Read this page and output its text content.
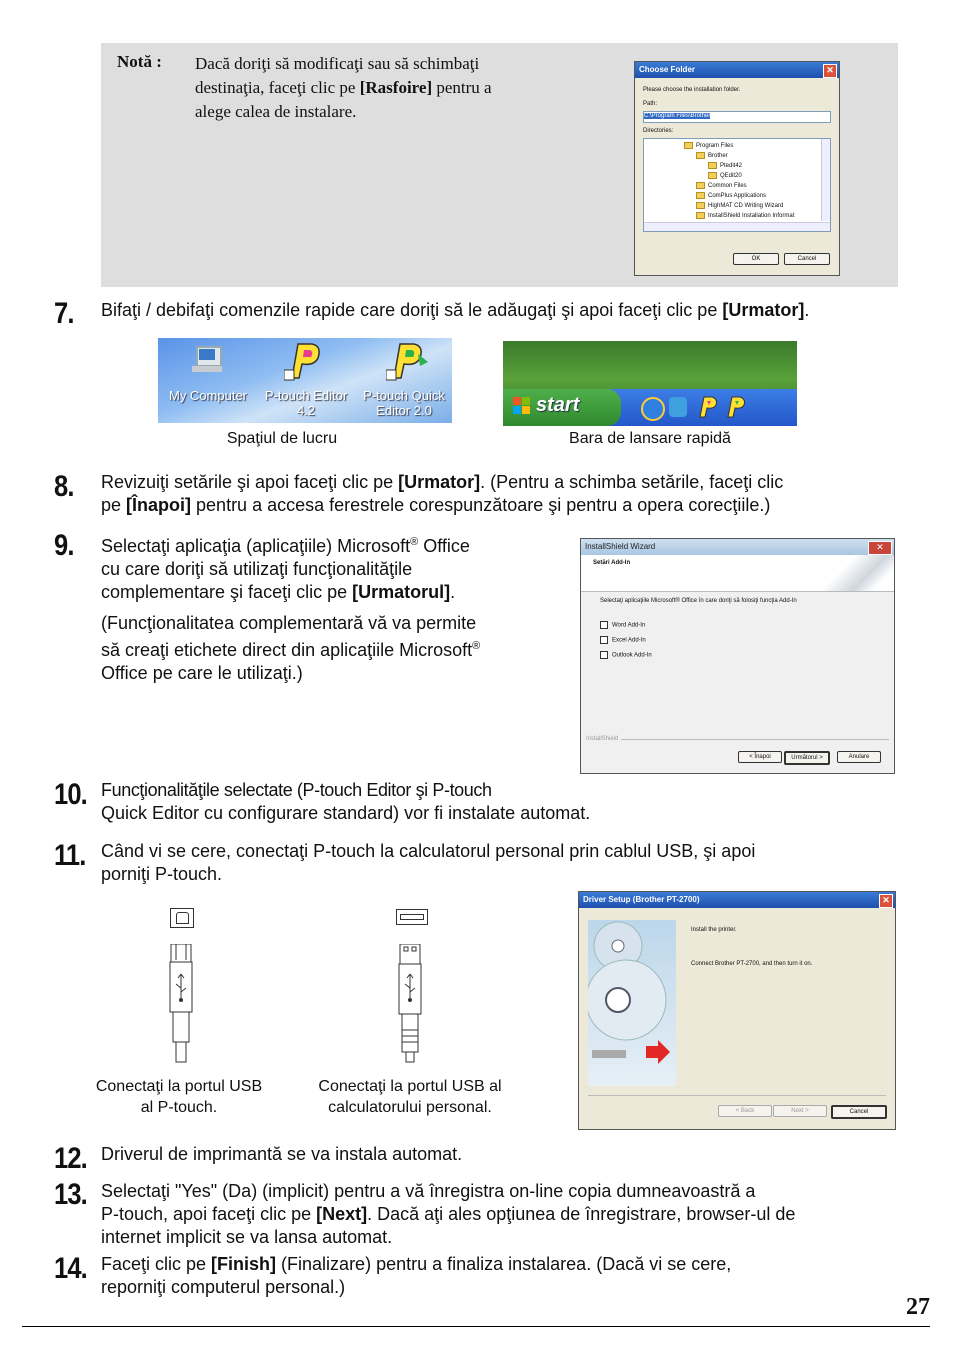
Notă : Dacă doriţi să modificaţi sau să schimbaţi
destinaţia, faceţi clic pe [Rasfoire] pentru a
alege calea de instalare.
Choose Folder	✕
Please choose the installation folder.
Path:
C:\Program Files\Brother
Directories:
Program Files
Brother
Ptedit42
QEdit20
Common Files
ComPlus Applications
HighMAT CD Writing Wizard
InstallShield Installation Informat
OK	Cancel
7. Bifaţi / debifaţi comenzile rapide care doriţi să le adăugaţi şi apoi faceţi clic pe [Urmator].
My Computer	P-touch Editor
4.2
P-touch Quick
Editor 2.0
Spaţiul de lucru
start
Bara de lansare rapidă
8. Revizuiţi setările şi apoi faceţi clic pe [Urmator]. (Pentru a schimba setările, faceţi clic
pe [Înapoi] pentru a accesa ferestrele corespunzătoare şi pentru a opera corecţiile.)
9. Selectaţi aplicaţia (aplicaţiile) Microsoft® Office
cu care doriţi să utilizaţi funcţionalităţile
complementare şi faceţi clic pe [Urmatorul].
(Funcţionalitatea complementară vă va permite
să creaţi etichete direct din aplicaţiile Microsoft®
Office pe care le utilizaţi.)
InstallShield Wizard	✕
Setări Add-In
Selectaţi aplicaţiile Microsoft® Office în care doriţi să folosiţi funcţia Add-In
Word Add-In
Excel Add-In
Outlook Add-In
InstallShield
< Înapoi	Următorul >	Anulare
10. Funcţionalităţile selectate (P-touch Editor şi P-touch
Quick Editor cu configurare standard) vor fi instalate automat.
11. Când vi se cere, conectaţi P-touch la calculatorul personal prin cablul USB, şi apoi
porniţi P-touch.
Conectaţi la portul USB
al P-touch.
Conectaţi la portul USB al
calculatorului personal.
Driver Setup (Brother PT-2700)	✕
Install the printer.
Connect Brother PT-2700, and then turn it on.
< Back	Next >	Cancel
12. Driverul de imprimantă se va instala automat.
13. Selectaţi "Yes" (Da) (implicit) pentru a vă înregistra on-line copia dumneavoastră a
P-touch, apoi faceţi clic pe [Next]. Dacă aţi ales opţiunea de înregistrare, browser-ul de
internet implicit se va lansa automat.
14. Faceţi clic pe [Finish] (Finalizare) pentru a finaliza instalarea. (Dacă vi se cere,
reporniţi computerul personal.)
27
